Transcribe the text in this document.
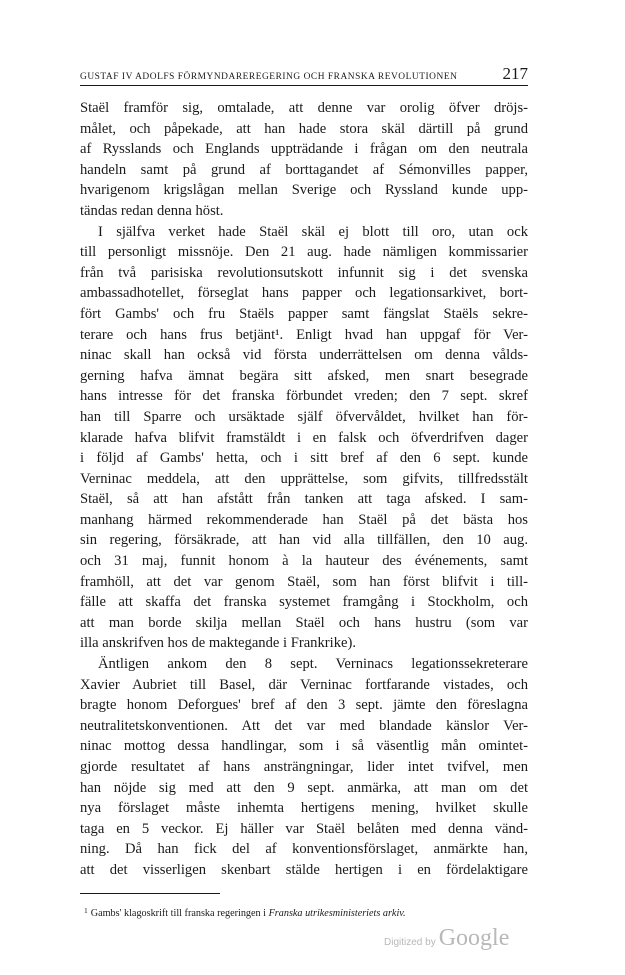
GUSTAF IV ADOLFS FÖRMYNDAREREGERING OCH FRANSKA REVOLUTIONEN	217
Staël framför sig, omtalade, att denne var orolig öfver dröjs-
målet, och påpekade, att han hade stora skäl därtill på grund
af Rysslands och Englands uppträdande i frågan om den neutrala
handeln samt på grund af borttagandet af Sémonvilles papper,
hvarigenom krigslågan mellan Sverige och Ryssland kunde upp-
tändas redan denna höst.
I själfva verket hade Staël skäl ej blott till oro, utan ock
till personligt missnöje. Den 21 aug. hade nämligen kommissarier
från två parisiska revolutionsutskott infunnit sig i det svenska
ambassadhotellet, förseglat hans papper och legationsarkivet, bort-
fört Gambs' och fru Staëls papper samt fängslat Staëls sekre-
terare och hans frus betjänt¹. Enligt hvad han uppgaf för Ver-
ninac skall han också vid första underrättelsen om denna vålds-
gerning hafva ämnat begära sitt afsked, men snart besegrade
hans intresse för det franska förbundet vreden; den 7 sept. skref
han till Sparre och ursäktade själf öfvervåldet, hvilket han för-
klarade hafva blifvit framstäldt i en falsk och öfverdrifven dager
i följd af Gambs' hetta, och i sitt bref af den 6 sept. kunde
Verninac meddela, att den upprättelse, som gifvits, tillfredsstält
Staël, så att han afstått från tanken att taga afsked. I sam-
manhang härmed rekommenderade han Staël på det bästa hos
sin regering, försäkrade, att han vid alla tillfällen, den 10 aug.
och 31 maj, funnit honom à la hauteur des événements, samt
framhöll, att det var genom Staël, som han först blifvit i till-
fälle att skaffa det franska systemet framgång i Stockholm, och
att man borde skilja mellan Staël och hans hustru (som var
illa anskrifven hos de maktegande i Frankrike).
Äntligen ankom den 8 sept. Verninacs legationssekreterare
Xavier Aubriet till Basel, där Verninac fortfarande vistades, och
bragte honom Deforgues' bref af den 3 sept. jämte den föreslagna
neutralitetskonventionen. Att det var med blandade känslor Ver-
ninac mottog dessa handlingar, som i så väsentlig mån omintet-
gjorde resultatet af hans ansträngningar, lider intet tvifvel, men
han nöjde sig med att den 9 sept. anmärka, att man om det
nya förslaget måste inhemta hertigens mening, hvilket skulle
taga en 5 veckor. Ej häller var Staël belåten med denna vänd-
ning. Då han fick del af konventionsförslaget, anmärkte han,
att det visserligen skenbart stälde hertigen i en fördelaktigare
$^1$ Gambs' klagoskrift till franska regeringen i Franska utrikesministeriets arkiv.
Digitized by Google
